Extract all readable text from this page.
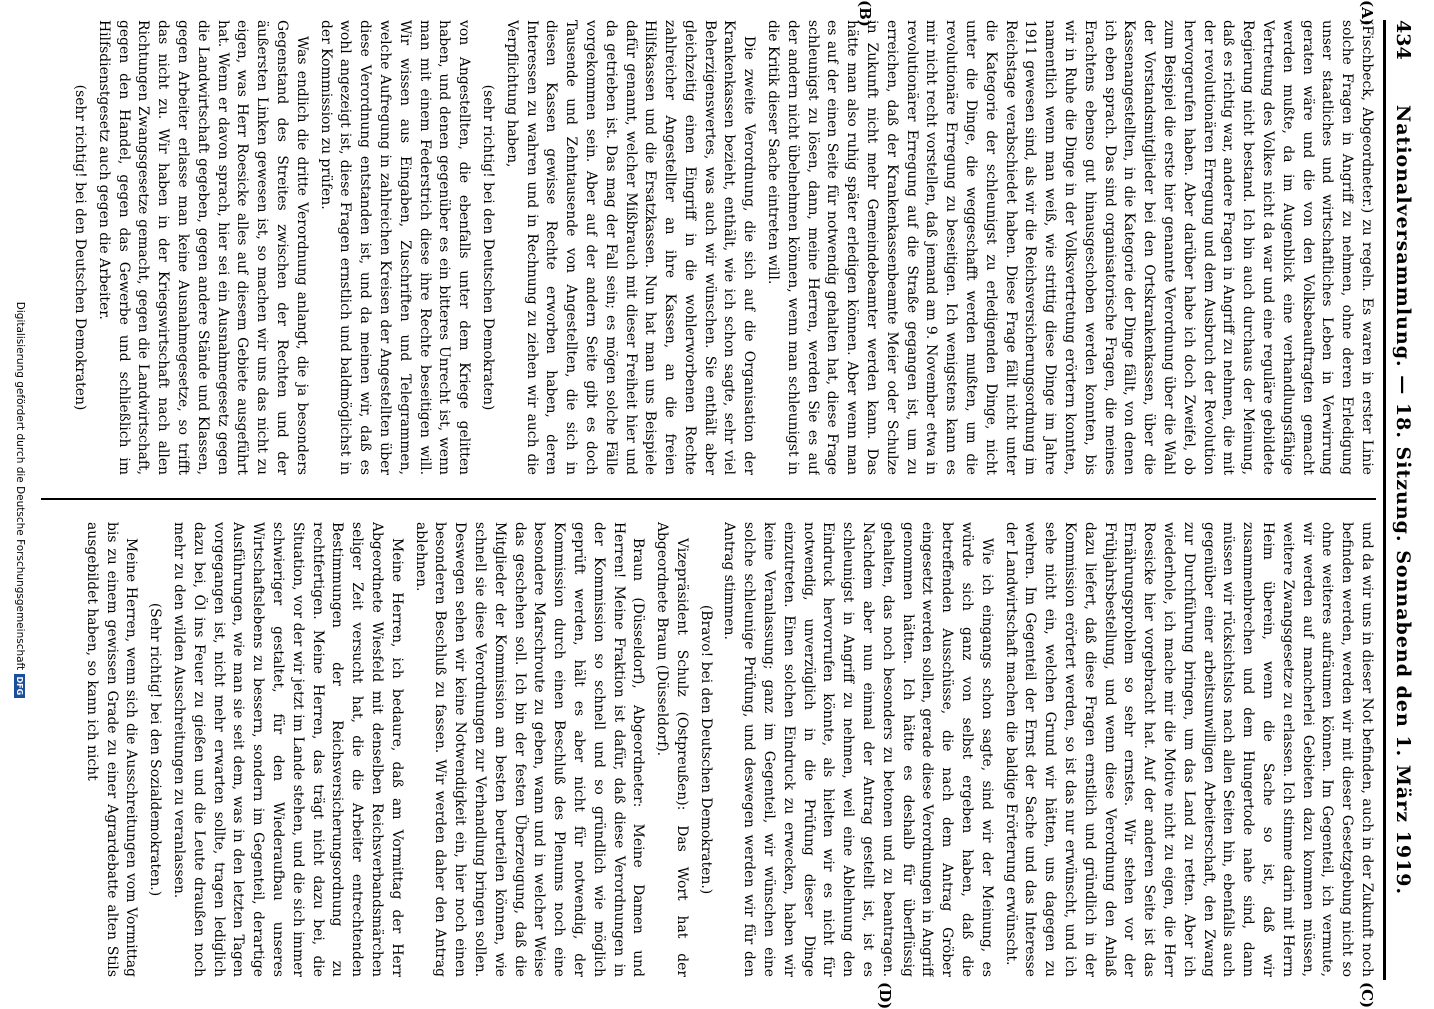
434
Nationalversammlung. — 18. Sitzung. Sonnabend den 1. März 1919.
(A)
(B)
(C)
(D)

(Fischbeck, Abgeordneter.) zu regeln. Es waren in erster Linie solche Fragen in Angriff zu nehmen, ohne deren Erledigung unser staatliches und wirtschaftliches Leben in Verwirrung geraten wäre und die von den Volksbeauftragten gemacht werden mußte, da im Augenblick eine verhandlungsfähige Vertretung des Volkes nicht da war und eine reguläre gebildete Regierung nicht bestand. Ich bin auch durchaus der Meinung, daß es richtig war, andere Fragen in Angriff zu nehmen, die mit der revolutionären Erregung und dem Ausbruch der Revolution hervorgerufen haben. Aber darüber habe ich doch Zweifel, ob zum Beispiel die erste hier genannte Verordnung über die Wahl der Vorstandsmitglieder bei den Ortskrankenkassen, über die Kassenangestellten, in die Kategorie der Dinge fällt, von denen ich eben sprach. Das sind organisatorische Fragen, die meines Erachtens ebenso gut hinausgeschoben werden konnten, bis wir in Ruhe die Dinge in der Volksvertretung erörtern konnten, namentlich wenn man weiß, wie strittig diese Dinge im Jahre 1911 gewesen sind, als wir die Reichsversicherungsordnung im Reichstage verabschiedet haben. Diese Frage fällt nicht unter die Kategorie der schleunigst zu erledigenden Dinge, nicht unter die Dinge, die weggeschafft werden mußten, um die revolutionäre Erregung zu beseitigen. Ich wenigstens kann es mir nicht recht vorstellen, daß jemand am 9. November etwa in revolutionärer Erregung auf die Straße gegangen ist, um zu erreichen, daß der Krankenkassenbeamte Meier oder Schulze in Zukunft nicht mehr Gemeindebeamter werden kann. Das hätte man also ruhig später erledigen können. Aber wenn man es auf der einen Seite für notwendig gehalten hat, diese Frage schleunigst zu lösen, dann, meine Herren, werden Sie es auf der andern nicht übelnehmen können, wenn man schleunigst in die Kritik dieser Sache eintreten will.

Die zweite Verordnung, die sich auf die Organisation der Krankenkassen bezieht, enthält, wie ich schon sagte, sehr viel Beherzigenswertes, was auch wir wünschen. Sie enthält aber gleichzeitig einen Eingriff in die wohlerworbenen Rechte zahlreicher Angestellter an ihre Kassen, an die freien Hilfskassen und die Ersatzkassen. Nun hat man uns Beispiele dafür genannt, welcher Mißbrauch mit dieser Freiheit hier und da getrieben ist. Das mag der Fall sein; es mögen solche Fälle vorgekommen sein. Aber auf der andern Seite gibt es doch Tausende und Zehntausende von Angestellten, die sich in diesen Kassen gewisse Rechte erworben haben, deren Interessen zu wahren und in Rechnung zu ziehen wir auch die Verpflichtung haben,

(sehr richtig! bei den Deutschen Demokraten)

von Angestellten, die ebenfalls unter dem Kriege gelitten haben, und denen gegenüber es ein bitteres Unrecht ist, wenn man mit einem Federstrich diese ihre Rechte beseitigen will. Wir wissen aus Eingaben, Zuschriften und Telegrammen, welche Aufregung in zahlreichen Kreisen der Angestellten über diese Verordnung entstanden ist, und da meinen wir, daß es wohl angezeigt ist, diese Fragen ernstlich und baldmöglichst in der Kommission zu prüfen.

Was endlich die dritte Verordnung anlangt, die ja besonders Gegenstand des Streites zwischen der Rechten und der äußersten Linken gewesen ist, so machen wir uns das nicht zu eigen, was Herr Roesicke alles auf diesem Gebiete ausgeführt hat. Wenn er davon sprach, hier sei ein Ausnahmegesetz gegen die Landwirtschaft gegeben, gegen andere Stände und Klassen, gegen Arbeiter erlasse man keine Ausnahmegesetze, so trifft das nicht zu. Wir haben in der Kriegswirtschaft nach allen Richtungen Zwangsgesetze gemacht, gegen die Landwirtschaft, gegen den Handel, gegen das Gewerbe und schließlich im Hilfsdienstgesetz auch gegen die Arbeiter.

(sehr richtig! bei den Deutschen Demokraten)

und da wir uns in dieser Not befinden, auch in der Zukunft noch befinden werden, werden wir mit dieser Gesetzgebung nicht so ohne weiteres aufräumen können. Im Gegenteil, ich vermute, wir werden auf mancherlei Gebieten dazu kommen müssen, weitere Zwangsgesetze zu erlassen. Ich stimme darin mit Herrn Heim überein, wenn die Sache so ist, daß wir zusammenbrechen und dem Hungertode nahe sind, dann müssen wir rücksichtslos nach allen Seiten hin, ebenfalls auch gegenüber einer arbeitsunwilligen Arbeiterschaft, den Zwang zur Durchführung bringen, um das Land zu retten. Aber ich wiederhole, ich mache mir die Motive nicht zu eigen, die Herr Roesicke hier vorgebracht hat. Auf der anderen Seite ist das Ernährungsproblem so sehr ernstes. Wir stehen vor der Frühjahrsbestellung, und wenn diese Verordnung den Anlaß dazu liefert, daß diese Fragen ernstlich und gründlich in der Kommission erörtert werden, so ist das nur erwünscht, und ich sehe nicht ein, welchen Grund wir hätten, uns dagegen zu wehren. Im Gegenteil der Ernst der Sache und das Interesse der Landwirtschaft machen die baldige Erörterung erwünscht.

Wie ich eingangs schon sagte, sind wir der Meinung, es würde sich ganz von selbst ergeben haben, daß die betreffenden Ausschüsse, die nach dem Antrag Gröber eingesetzt werden sollen, gerade diese Verordnungen in Angriff genommen hätten. Ich hätte es deshalb für überflüssig gehalten, das noch besonders zu betonen und zu beantragen. Nachdem aber nun einmal der Antrag gestellt ist, ist es schleunigst in Angriff zu nehmen, weil eine Ablehnung den Eindruck hervorrufen könnte, als hielten wir es nicht für notwendig, unverzüglich in die Prüfung dieser Dinge einzutreten. Einen solchen Eindruck zu erwecken, haben wir keine Veranlassung; ganz im Gegenteil, wir wünschen eine solche schleunige Prüfung, und deswegen werden wir für den Antrag stimmen.

(Bravo! bei den Deutschen Demokraten.)

Vizepräsident Schulz (Ostpreußen): Das Wort hat der Abgeordnete Braun (Düsseldorf).

Braun (Düsseldorf), Abgeordneter: Meine Damen und Herren! Meine Fraktion ist dafür, daß diese Verordnungen in der Kommission so schnell und so gründlich wie möglich geprüft werden, hält es aber nicht für notwendig, der Kommission durch einen Beschluß des Plenums noch eine besondere Marschroute zu geben, wann und in welcher Weise das geschehen soll. Ich bin der festen Überzeugung, daß die Mitglieder der Kommission am besten beurteilen können, wie schnell sie diese Verordnungen zur Verhandlung bringen sollen. Deswegen sehen wir keine Notwendigkeit ein, hier noch einen besonderen Beschluß zu fassen. Wir werden daher den Antrag ablehnen.

Meine Herren, ich bedaure, daß am Vormittag der Herr Abgeordnete Wiesfeld mit denselben Reichsverbandsmärchen seliger Zeit versucht hat, die die Arbeiter entrechtenden Bestimmungen der Reichsversicherungsordnung zu rechtfertigen. Meine Herren, das trägt nicht dazu bei, die Situation, vor der wir jetzt im Lande stehen, und die sich immer schwieriger gestaltet, für den Wiederaufbau unseres Wirtschaftslebens zu bessern, sondern im Gegenteil, derartige Ausführungen, wie man sie seit dem, was in den letzten Tagen vorgegangen ist, nicht mehr erwarten sollte, tragen lediglich dazu bei, Öl ins Feuer zu gießen und die Leute draußen noch mehr zu den wilden Ausschreitungen zu veranlassen.

(Sehr richtig! bei den Sozialdemokraten.)

Meine Herren, wenn sich die Ausschreitungen vom Vormittag bis zu einem gewissen Grade zu einer Agrardebatte alten Stils ausgebildet haben, so kann ich nicht

Digitalisierung gefördert durch die Deutsche Forschungsgemeinschaft DFG
